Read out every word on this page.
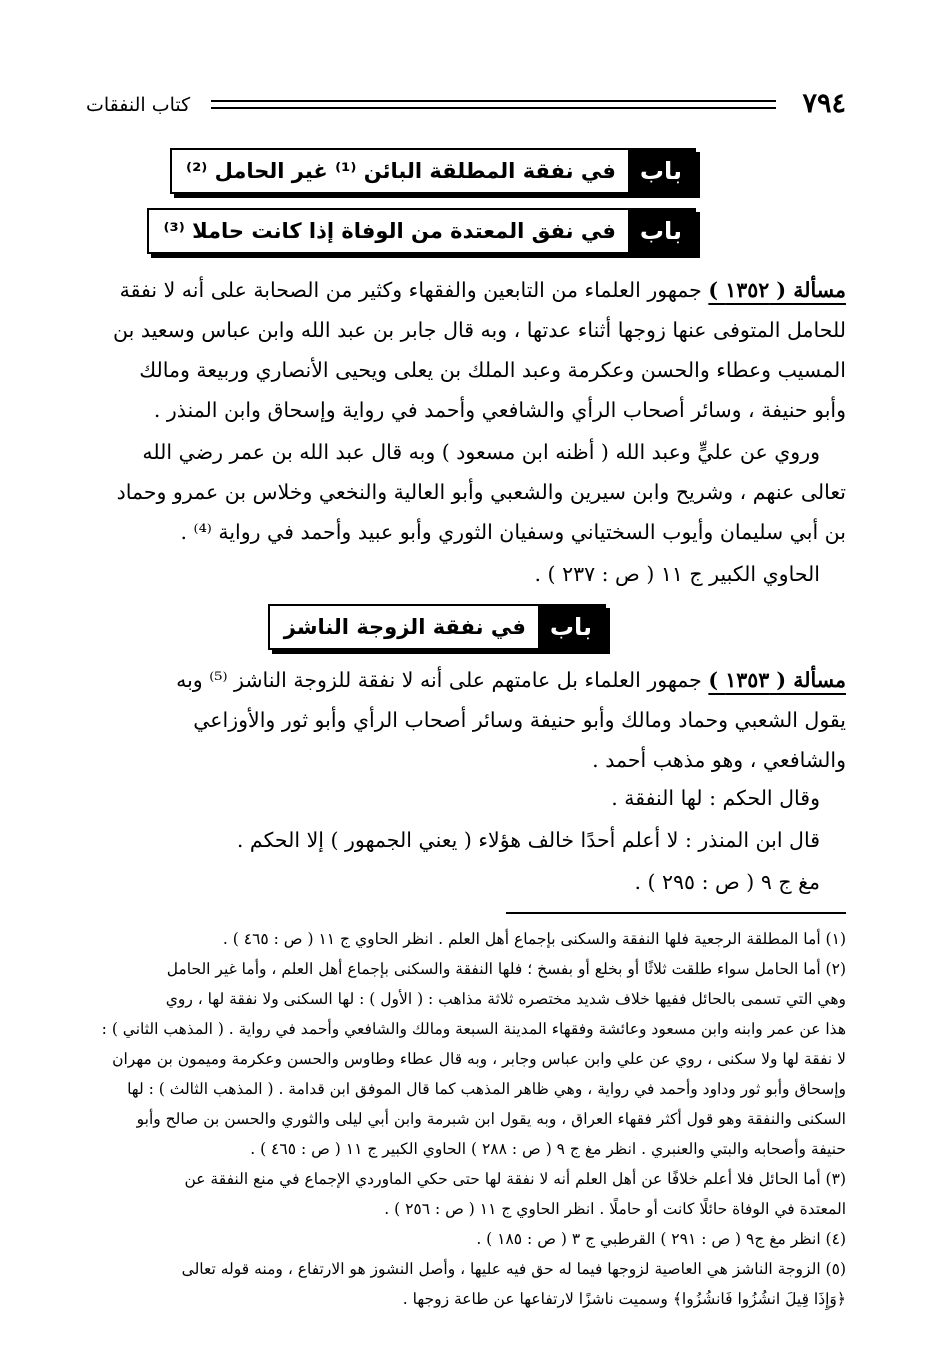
٧٩٤
كتاب النفقات
باب
في نفقة المطلقة البائن ⁽¹⁾ غير الحامل ⁽²⁾
باب
في نفق المعتدة من الوفاة إذا كانت حاملا ⁽³⁾
مسألة ( ١٣٥٢ ) جمهور العلماء من التابعين والفقهاء وكثير من الصحابة على أنه لا نفقة
للحامل المتوفى عنها زوجها أثناء عدتها ، وبه قال جابر بن عبد الله وابن عباس وسعيد بن
المسيب وعطاء والحسن وعكرمة وعبد الملك بن يعلى ويحيى الأنصاري وربيعة ومالك
وأبو حنيفة ، وسائر أصحاب الرأي والشافعي وأحمد في رواية وإسحاق وابن المنذر .
وروي عن عليٍّ وعبد الله ( أظنه ابن مسعود ) وبه قال عبد الله بن عمر رضي الله
تعالى عنهم ، وشريح وابن سيرين والشعبي وأبو العالية والنخعي وخلاس بن عمرو وحماد
بن أبي سليمان وأيوب السختياني وسفيان الثوري وأبو عبيد وأحمد في رواية ⁽⁴⁾ .
الحاوي الكبير ج ١١ ( ص : ٢٣٧ ) .
باب
في نفقة الزوجة الناشز
مسألة ( ١٣٥٣ ) جمهور العلماء بل عامتهم على أنه لا نفقة للزوجة الناشز ⁽⁵⁾ وبه
يقول الشعبي وحماد ومالك وأبو حنيفة وسائر أصحاب الرأي وأبو ثور والأوزاعي
والشافعي ، وهو مذهب أحمد .
وقال الحكم : لها النفقة .
قال ابن المنذر : لا أعلم أحدًا خالف هؤلاء ( يعني الجمهور ) إلا الحكم .
مغ ج ٩ ( ص : ٢٩٥ ) .
(١) أما المطلقة الرجعية فلها النفقة والسكنى بإجماع أهل العلم . انظر الحاوي ج ١١ ( ص : ٤٦٥ ) .
(٢) أما الحامل سواء طلقت ثلاثًا أو بخلع أو بفسخ ؛ فلها النفقة والسكنى بإجماع أهل العلم ، وأما غير الحامل
وهي التي تسمى بالحائل ففيها خلاف شديد مختصره ثلاثة مذاهب : ( الأول ) : لها السكنى ولا نفقة لها ، روي
هذا عن عمر وابنه وابن مسعود وعائشة وفقهاء المدينة السبعة ومالك والشافعي وأحمد في رواية . ( المذهب الثاني ) :
لا نفقة لها ولا سكنى ، روي عن علي وابن عباس وجابر ، وبه قال عطاء وطاوس والحسن وعكرمة وميمون بن مهران
وإسحاق وأبو ثور وداود وأحمد في رواية ، وهي ظاهر المذهب كما قال الموفق ابن قدامة . ( المذهب الثالث ) : لها
السكنى والنفقة وهو قول أكثر فقهاء العراق ، وبه يقول ابن شبرمة وابن أبي ليلى والثوري والحسن بن صالح وأبو
حنيفة وأصحابه والبتي والعنبري . انظر مغ ج ٩ ( ص : ٢٨٨ ) الحاوي الكبير ج ١١ ( ص : ٤٦٥ ) .
(٣) أما الحائل فلا أعلم خلافًا عن أهل العلم أنه لا نفقة لها حتى حكي الماوردي الإجماع في منع النفقة عن
المعتدة في الوفاة حائلًا كانت أو حاملًا . انظر الحاوي ج ١١ ( ص : ٢٥٦ ) .
(٤) انظر مغ ج٩ ( ص : ٢٩١ ) القرطبي ج ٣ ( ص : ١٨٥ ) .
(٥) الزوجة الناشز هي العاصية لزوجها فيما له حق فيه عليها ، وأصل النشوز هو الارتفاع ، ومنه قوله تعالى
﴿وَإِذَا قِيلَ انشُزُوا فَانشُزُوا﴾ وسميت ناشزًا لارتفاعها عن طاعة زوجها .
